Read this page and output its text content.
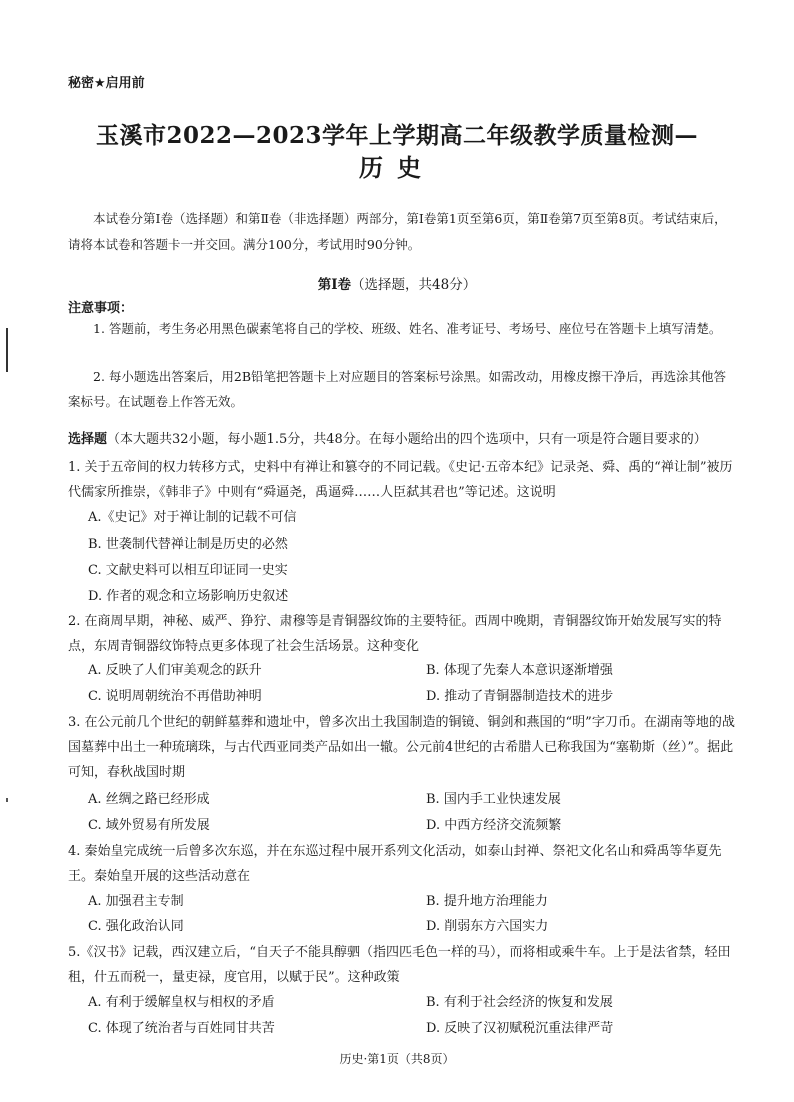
秘密★启用前
玉溪市2022—2023学年上学期高二年级教学质量检测—
历史
本试卷分第Ⅰ卷（选择题）和第Ⅱ卷（非选择题）两部分，第Ⅰ卷第1页至第6页，第Ⅱ卷第7页至第8页。考试结束后，请将本试卷和答题卡一并交回。满分100分，考试用时90分钟。
第Ⅰ卷（选择题，共48分）
注意事项：
1. 答题前，考生务必用黑色碳素笔将自己的学校、班级、姓名、准考证号、考场号、座位号在答题卡上填写清楚。
2. 每小题选出答案后，用2B铅笔把答题卡上对应题目的答案标号涂黑。如需改动，用橡皮擦干净后，再选涂其他答案标号。在试题卷上作答无效。
选择题（本大题共32小题，每小题1.5分，共48分。在每小题给出的四个选项中，只有一项是符合题目要求的）
1. 关于五帝间的权力转移方式，史料中有禅让和篡夺的不同记载。《史记·五帝本纪》记录尧、舜、禹的“禅让制”被历代儒家所推崇，《韩非子》中则有“舜逼尧，禹逼舜……人臣弑其君也”等记述。这说明
A.《史记》对于禅让制的记载不可信
B. 世袭制代替禅让制是历史的必然
C. 文献史料可以相互印证同一史实
D. 作者的观念和立场影响历史叙述
2. 在商周早期，神秘、威严、狰狞、肃穆等是青铜器纹饰的主要特征。西周中晚期，青铜器纹饰开始发展写实的特点，东周青铜器纹饰特点更多体现了社会生活场景。这种变化
A. 反映了人们审美观念的跃升	B. 体现了先秦人本意识逐渐增强
C. 说明周朝统治不再借助神明	D. 推动了青铜器制造技术的进步
3. 在公元前几个世纪的朝鲜墓葬和遗址中，曾多次出土我国制造的铜镜、铜剑和燕国的“明”字刀币。在湖南等地的战国墓葬中出土一种琉璃珠，与古代西亚同类产品如出一辙。公元前4世纪的古希腊人已称我国为“塞勒斯（丝）”。据此可知，春秋战国时期
A. 丝绸之路已经形成	B. 国内手工业快速发展
C. 域外贸易有所发展	D. 中西方经济交流频繁
4. 秦始皇完成统一后曾多次东巡，并在东巡过程中展开系列文化活动，如泰山封禅、祭祀文化名山和舜禹等华夏先王。秦始皇开展的这些活动意在
A. 加强君主专制	B. 提升地方治理能力
C. 强化政治认同	D. 削弱东方六国实力
5.《汉书》记载，西汉建立后，“自天子不能具醇驷（指四匹毛色一样的马），而将相或乘牛车。上于是法省禁，轻田租，什五而税一，量吏禄，度官用，以赋于民”。这种政策
A. 有利于缓解皇权与相权的矛盾	B. 有利于社会经济的恢复和发展
C. 体现了统治者与百姓同甘共苦	D. 反映了汉初赋税沉重法律严苛
历史·第1页（共8页）
